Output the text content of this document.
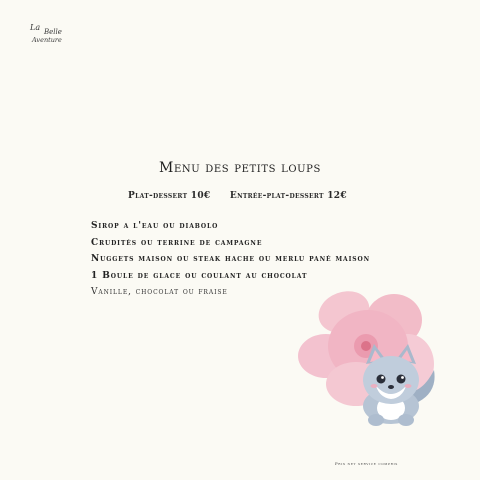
La Belle
Aventure
Menu des petits loups
Plat-dessert 10€ Entrée-plat-dessert 12€
Sirop a l'eau ou diabolo
Crudités ou terrine de campagne
Nuggets maison ou steak hache ou merlu pané maison
1 Boule de glace ou coulant au chocolat
Vanille, chocolat ou fraise
Prix net service compris
